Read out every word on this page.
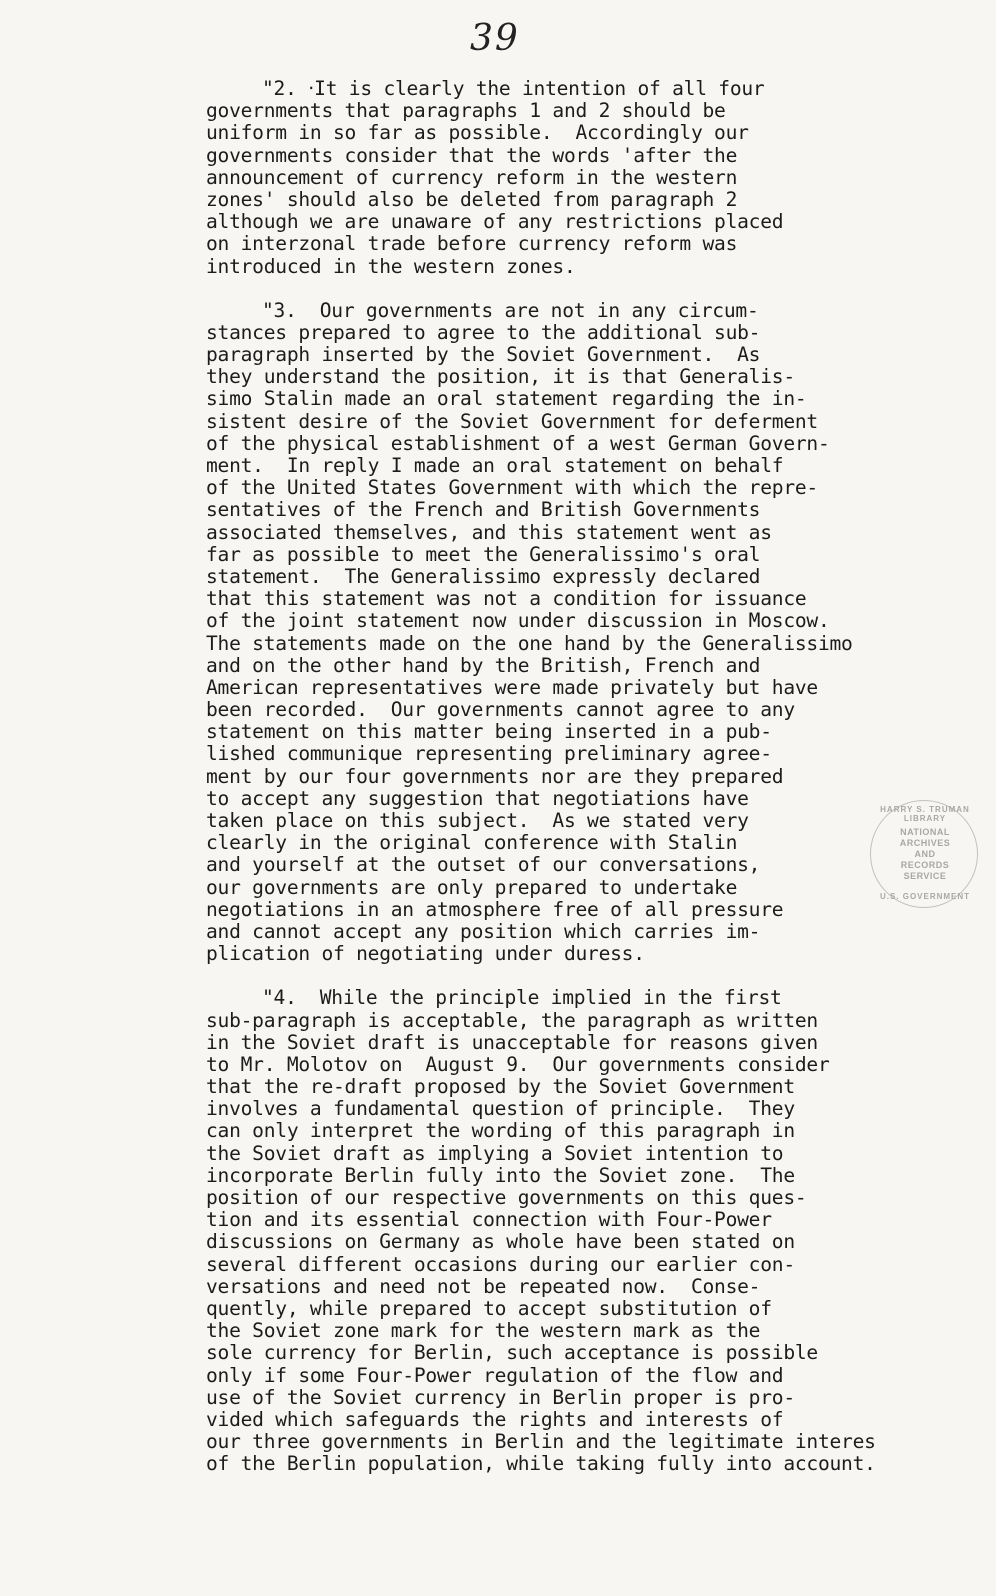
39
"2. ‧It is clearly the intention of all four
governments that paragraphs 1 and 2 should be
uniform in so far as possible.  Accordingly our
governments consider that the words 'after the
announcement of currency reform in the western
zones' should also be deleted from paragraph 2
although we are unaware of any restrictions placed
on interzonal trade before currency reform was
introduced in the western zones.
"3.  Our governments are not in any circum-
stances prepared to agree to the additional sub-
paragraph inserted by the Soviet Government.  As
they understand the position, it is that Generalis-
simo Stalin made an oral statement regarding the in-
sistent desire of the Soviet Government for deferment
of the physical establishment of a west German Govern-
ment.  In reply I made an oral statement on behalf
of the United States Government with which the repre-
sentatives of the French and British Governments
associated themselves, and this statement went as
far as possible to meet the Generalissimo's oral
statement.  The Generalissimo expressly declared
that this statement was not a condition for issuance
of the joint statement now under discussion in Moscow.
The statements made on the one hand by the Generalissimo
and on the other hand by the British, French and
American representatives were made privately but have
been recorded.  Our governments cannot agree to any
statement on this matter being inserted in a pub-
lished communique representing preliminary agree-
ment by our four governments nor are they prepared
to accept any suggestion that negotiations have
taken place on this subject.  As we stated very
clearly in the original conference with Stalin
and yourself at the outset of our conversations,
our governments are only prepared to undertake
negotiations in an atmosphere free of all pressure
and cannot accept any position which carries im-
plication of negotiating under duress.
"4.  While the principle implied in the first
sub-paragraph is acceptable, the paragraph as written
in the Soviet draft is unacceptable for reasons given
to Mr. Molotov on  August 9.  Our governments consider
that the re-draft proposed by the Soviet Government
involves a fundamental question of principle.  They
can only interpret the wording of this paragraph in
the Soviet draft as implying a Soviet intention to
incorporate Berlin fully into the Soviet zone.  The
position of our respective governments on this ques-
tion and its essential connection with Four-Power
discussions on Germany as whole have been stated on
several different occasions during our earlier con-
versations and need not be repeated now.  Conse-
quently, while prepared to accept substitution of
the Soviet zone mark for the western mark as the
sole currency for Berlin, such acceptance is possible
only if some Four-Power regulation of the flow and
use of the Soviet currency in Berlin proper is pro-
vided which safeguards the rights and interests of
our three governments in Berlin and the legitimate interes
of the Berlin population, while taking fully into account.
HARRY S. TRUMAN LIBRARY
NATIONAL
ARCHIVES AND
RECORDS
SERVICE
U.S. GOVERNMENT
